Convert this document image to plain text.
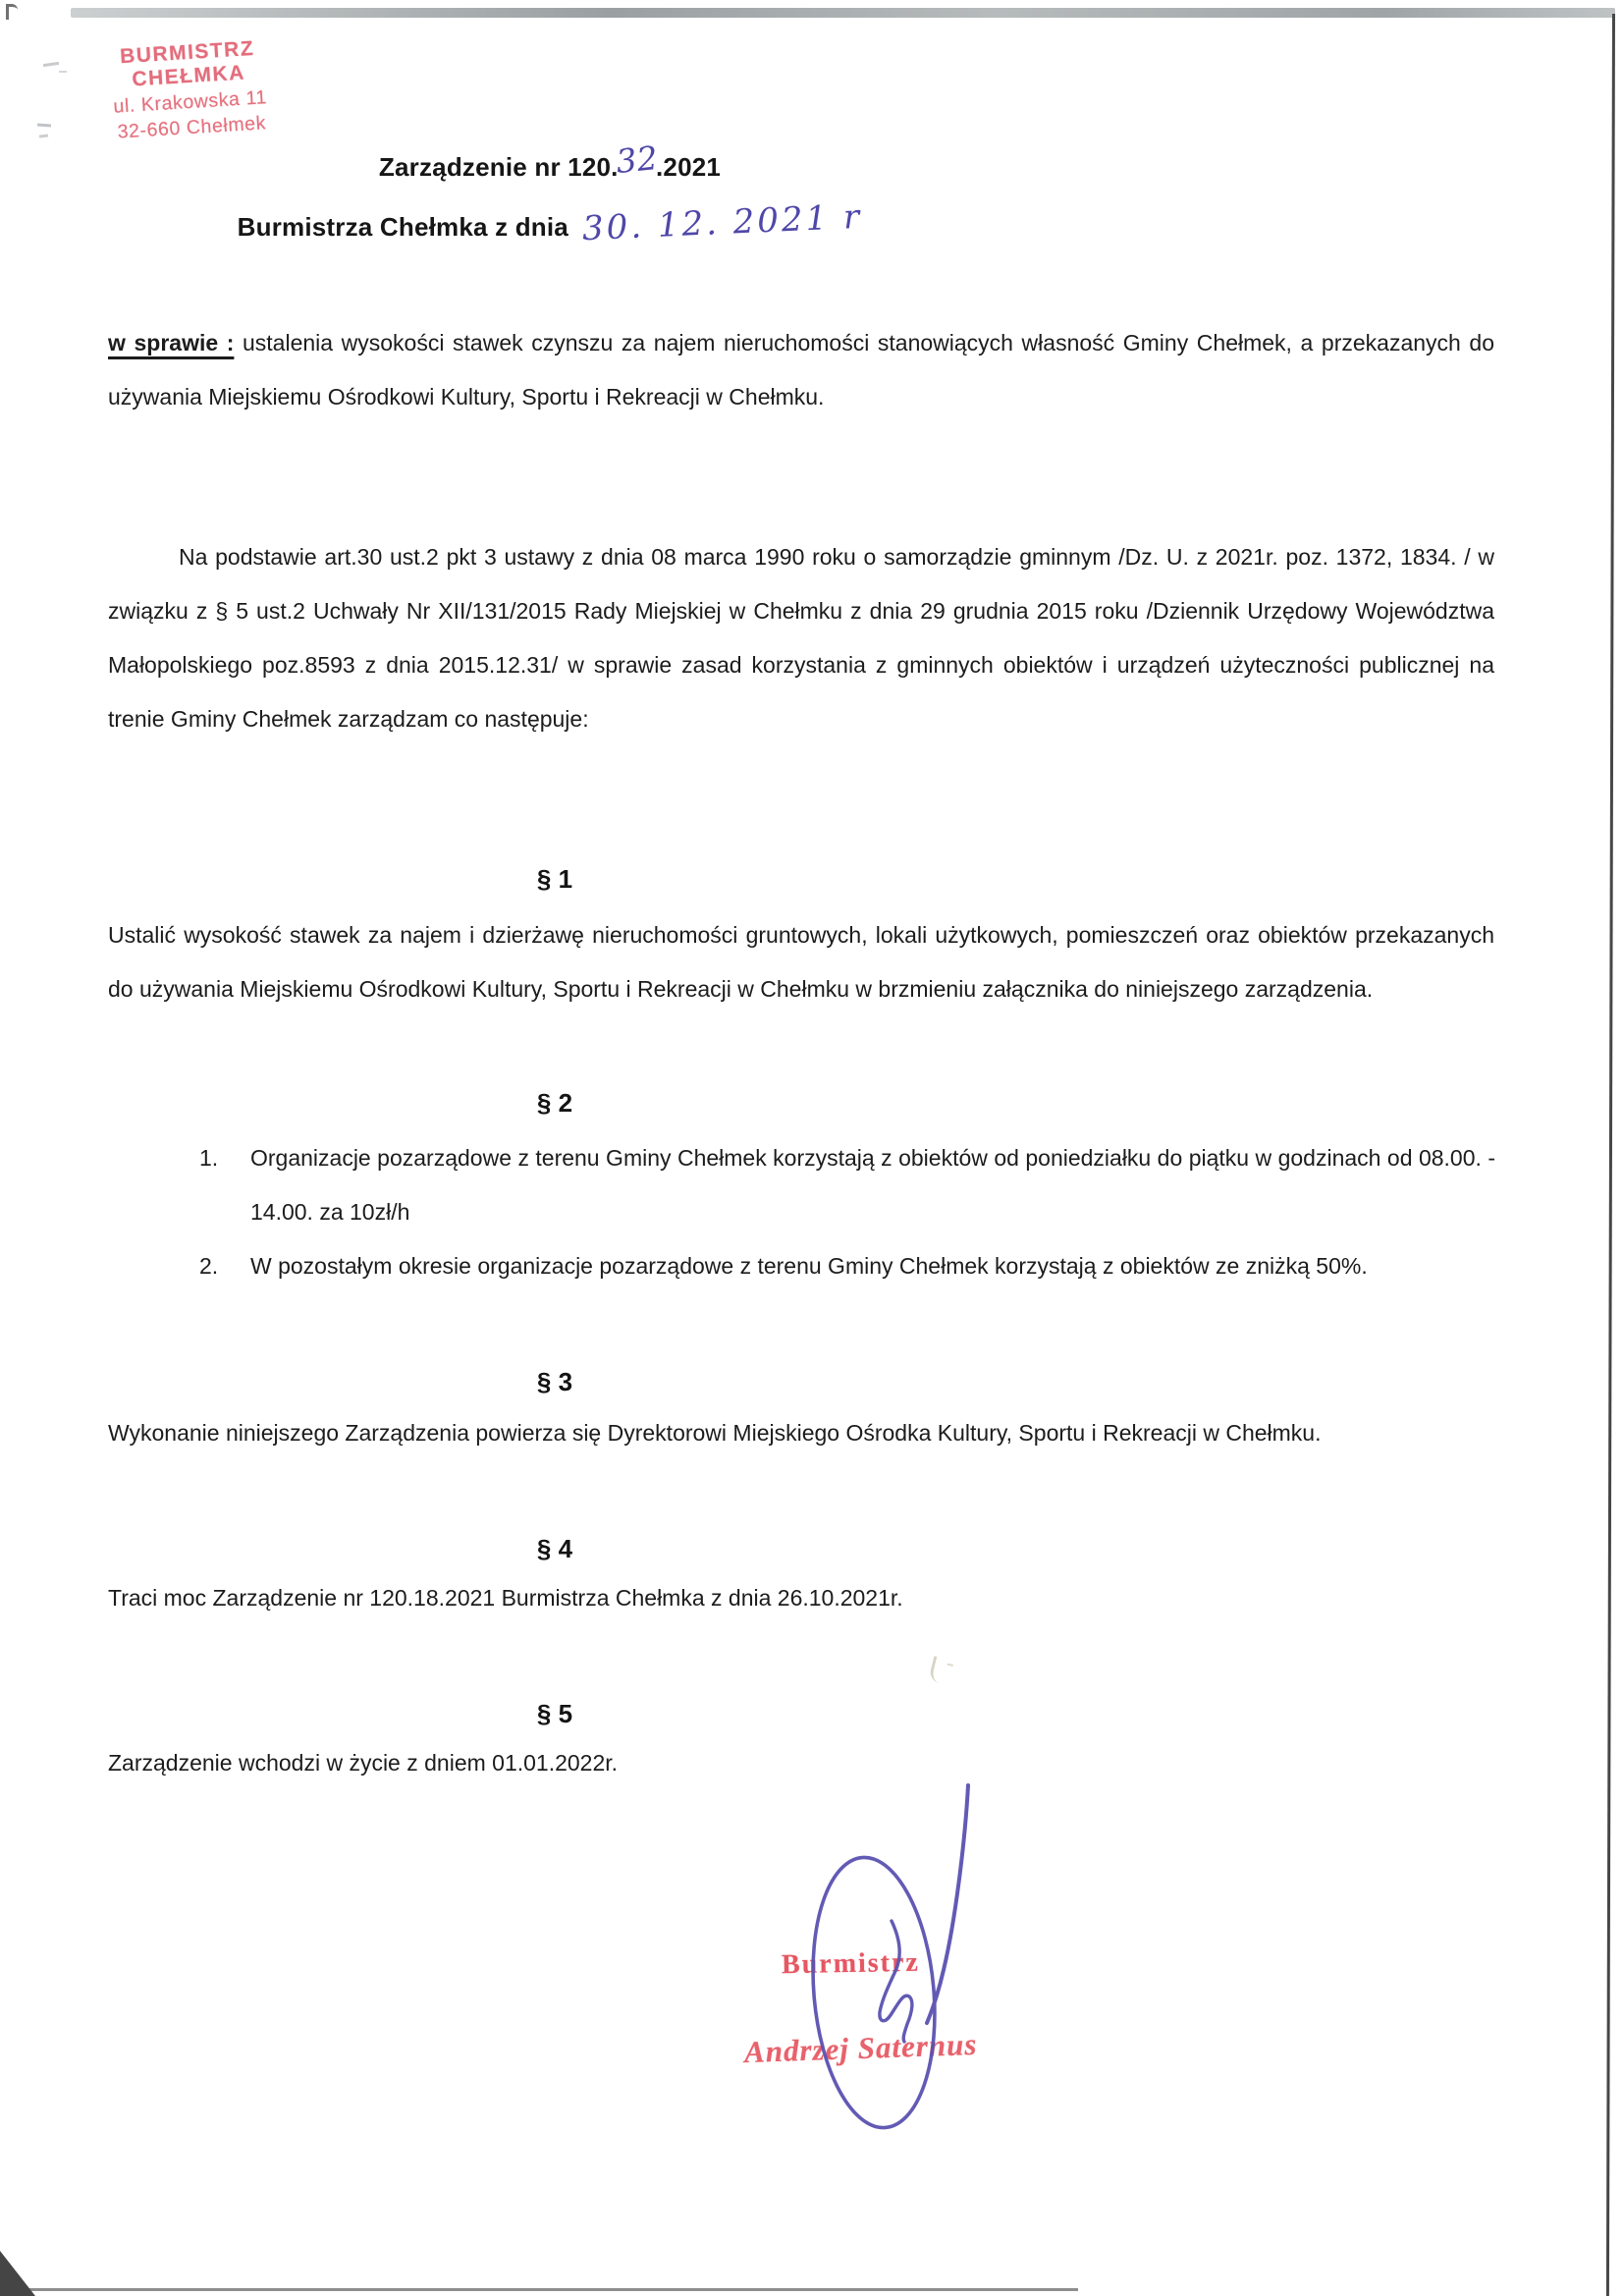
BURMISTRZ CHEŁMKA
ul. Krakowska 11
32-660 Chełmek
Zarządzenie nr 120.32.2021
Burmistrza Chełmka z dnia 30. 12. 2021 r
w sprawie : ustalenia wysokości stawek czynszu za najem nieruchomości stanowiących własność Gminy Chełmek, a przekazanych do używania Miejskiemu Ośrodkowi Kultury, Sportu i Rekreacji w Chełmku.
Na podstawie art.30 ust.2 pkt 3 ustawy z dnia 08 marca 1990 roku o samorządzie gminnym /Dz. U. z 2021r. poz. 1372, 1834. / w związku z § 5 ust.2 Uchwały Nr XII/131/2015 Rady Miejskiej w Chełmku z dnia 29 grudnia 2015 roku /Dziennik Urzędowy Województwa Małopolskiego poz.8593 z dnia 2015.12.31/ w sprawie zasad korzystania z gminnych obiektów i urządzeń użyteczności publicznej na trenie Gminy Chełmek zarządzam co następuje:
§ 1
Ustalić wysokość stawek za najem i dzierżawę nieruchomości gruntowych, lokali użytkowych, pomieszczeń oraz obiektów przekazanych do używania Miejskiemu Ośrodkowi Kultury, Sportu i Rekreacji w Chełmku w brzmieniu załącznika do niniejszego zarządzenia.
§ 2
1.	Organizacje pozarządowe z terenu Gminy Chełmek korzystają z obiektów od poniedziałku do piątku w godzinach od 08.00. - 14.00. za 10zł/h
2.	W pozostałym okresie organizacje pozarządowe z terenu Gminy Chełmek korzystają z obiektów ze zniżką 50%.
§ 3
Wykonanie niniejszego Zarządzenia powierza się Dyrektorowi Miejskiego Ośrodka Kultury, Sportu i Rekreacji w Chełmku.
§ 4
Traci moc Zarządzenie nr 120.18.2021 Burmistrza Chełmka z dnia 26.10.2021r.
§ 5
Zarządzenie wchodzi w życie z dniem 01.01.2022r.
Burmistrz
Andrzej Saternus
